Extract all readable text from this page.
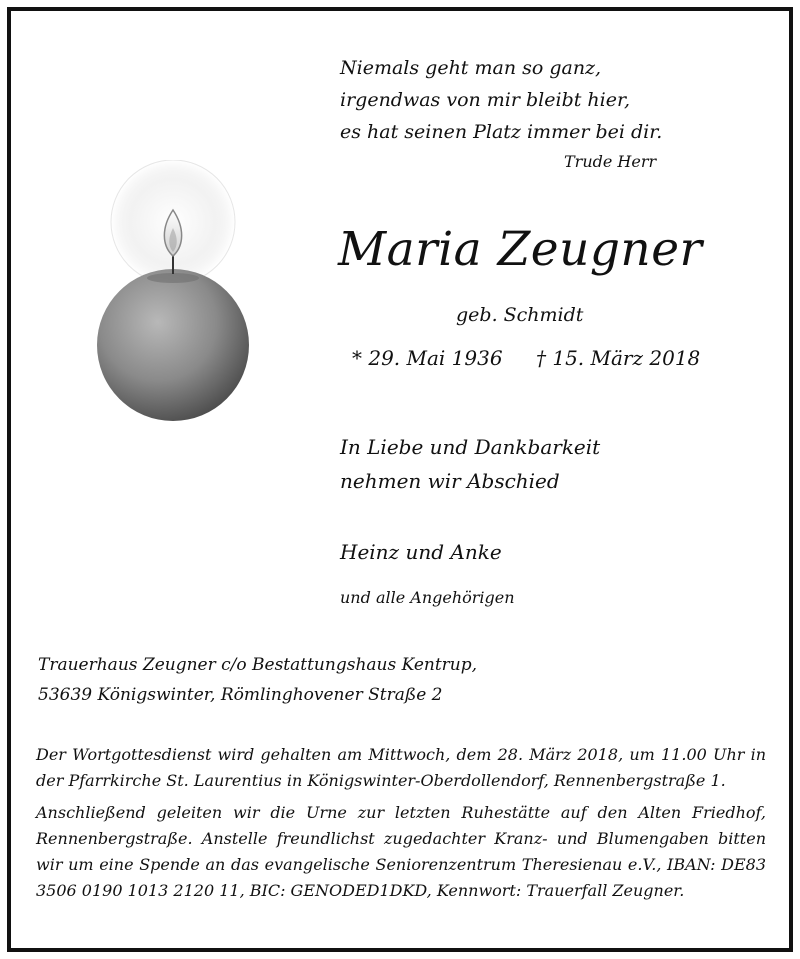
Niemals geht man so ganz,
irgendwas von mir bleibt hier,
es hat seinen Platz immer bei dir.
Trude Herr
Maria Zeugner
geb. Schmidt
* 29. Mai 1936 † 15. März 2018
In Liebe und Dankbarkeit
nehmen wir Abschied
Heinz und Anke
und alle Angehörigen
Trauerhaus Zeugner c/o Bestattungshaus Kentrup,
53639 Königswinter, Römlinghovener Straße 2

Der Wortgottesdienst wird gehalten am Mittwoch, dem 28. März 2018, um 11.00 Uhr in der Pfarrkirche St. Laurentius in Königswinter-Oberdollendorf, Rennenbergstraße 1.

Anschließend geleiten wir die Urne zur letzten Ruhestätte auf den Alten Friedhof, Rennenbergstraße. Anstelle freundlichst zugedachter Kranz- und Blumengaben bitten wir um eine Spende an das evangelische Seniorenzentrum Theresienau e.V., IBAN: DE83 3506 0190 1013 2120 11, BIC: GENODED1DKD, Kennwort: Trauerfall Zeugner.
